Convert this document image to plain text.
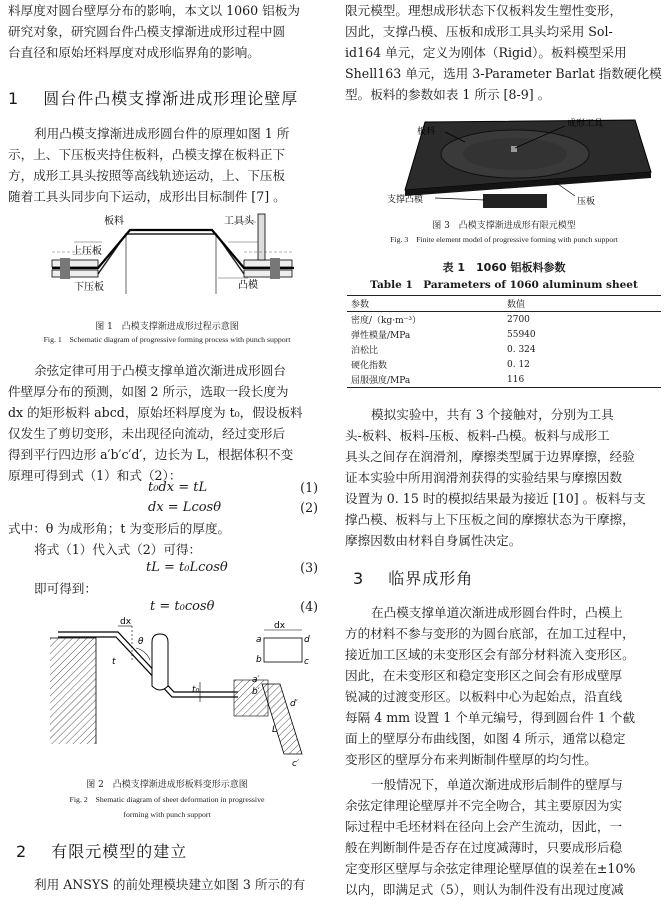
料厚度对圆台壁厚分布的影响，本文以 1060 铝板为
研究对象，研究圆台件凸模支撑渐进成形过程中圆
台直径和原始坯料厚度对成形临界角的影响。
1 圆台件凸模支撑渐进成形理论壁厚
利用凸模支撑渐进成形圆台件的原理如图 1 所
示，上、下压板夹持住板料，凸模支撑在板料正下
方，成形工具头按照等高线轨迹运动，上、下压板
随着工具头同步向下运动，成形出目标制件 [7] 。
板料	工具头
上压板
下压板	凸模
图 1　凸模支撑渐进成形过程示意图
Fig. 1　Schematic diagram of progressive forming process with punch support
余弦定律可用于凸模支撑单道次渐进成形圆台
件壁厚分布的预测，如图 2 所示，选取一段长度为
dx 的矩形板料 abcd，原始坯料厚度为 t₀，假设板料
仅发生了剪切变形，未出现径向流动，经过变形后
得到平行四边形 a′b′c′d′，边长为 L，根据体积不变
原理可得到式（1）和式（2）：
t₀dx = tL	(1)
dx = Lcosθ	(2)
式中：θ 为成形角；t 为变形后的厚度。
将式（1）代入式（2）可得：
tL = t₀Lcosθ	(3)
即可得到：
t = t₀cosθ	(4)
dx	dx
t₀
t
θ	a
b	c
d
a′
b′
c′
d′
L
图 2　凸模支撑渐进成形板料变形示意图
Fig. 2　Shematic diagram of sheet deformation in progressive
forming with punch support
2 有限元模型的建立
利用 ANSYS 的前处理模块建立如图 3 所示的有
限元模型。理想成形状态下仅板料发生塑性变形，
因此，支撑凸模、压板和成形工具头均采用 Sol-
id164 单元，定义为刚体（Rigid）。板料模型采用
Shell163 单元，选用 3-Parameter Barlat 指数硬化模
型。板料的参数如表 1 所示 [8-9] 。
板料
成形工具
支撑凸模	压板
图 3　凸模支撑渐进成形有限元模型
Fig. 3　Finite element model of progressive forming with punch support
表 1　1060 铝板料参数
Table 1　Parameters of 1060 aluminum sheet
参数	数值
密度/（kg·m⁻³）	2700
弹性模量/MPa	55940
泊松比	0. 324
硬化指数	0. 12
屈服强度/MPa	116
模拟实验中，共有 3 个接触对，分别为工具
头-板料、板料-压板、板料-凸模。板料与成形工
具头之间存在润滑剂，摩擦类型属于边界摩擦，经验
证本实验中所用润滑剂获得的实验结果与摩擦因数
设置为 0. 15 时的模拟结果最为接近 [10] 。板料与支
撑凸模、板料与上下压板之间的摩擦状态为干摩擦，
摩擦因数由材料自身属性决定。
3 临界成形角
在凸模支撑单道次渐进成形圆台件时，凸模上
方的材料不参与变形的为圆台底部，在加工过程中，
接近加工区域的未变形区会有部分材料流入变形区。
因此，在未变形区和稳定变形区之间会有形成壁厚
锐减的过渡变形区。以板料中心为起始点，沿直线
每隔 4 mm 设置 1 个单元编号，得到圆台件 1 个截
面上的壁厚分布曲线图，如图 4 所示，通常以稳定
变形区的壁厚分布来判断制件壁厚的均匀性。
一般情况下，单道次渐进成形后制件的壁厚与
余弦定律理论壁厚并不完全吻合，其主要原因为实
际过程中毛坯材料在径向上会产生流动，因此，一
般在判断制件是否存在过度减薄时，只要成形后稳
定变形区壁厚与余弦定律理论壁厚值的误差在±10%
以内，即满足式（5），则认为制件没有出现过度减
